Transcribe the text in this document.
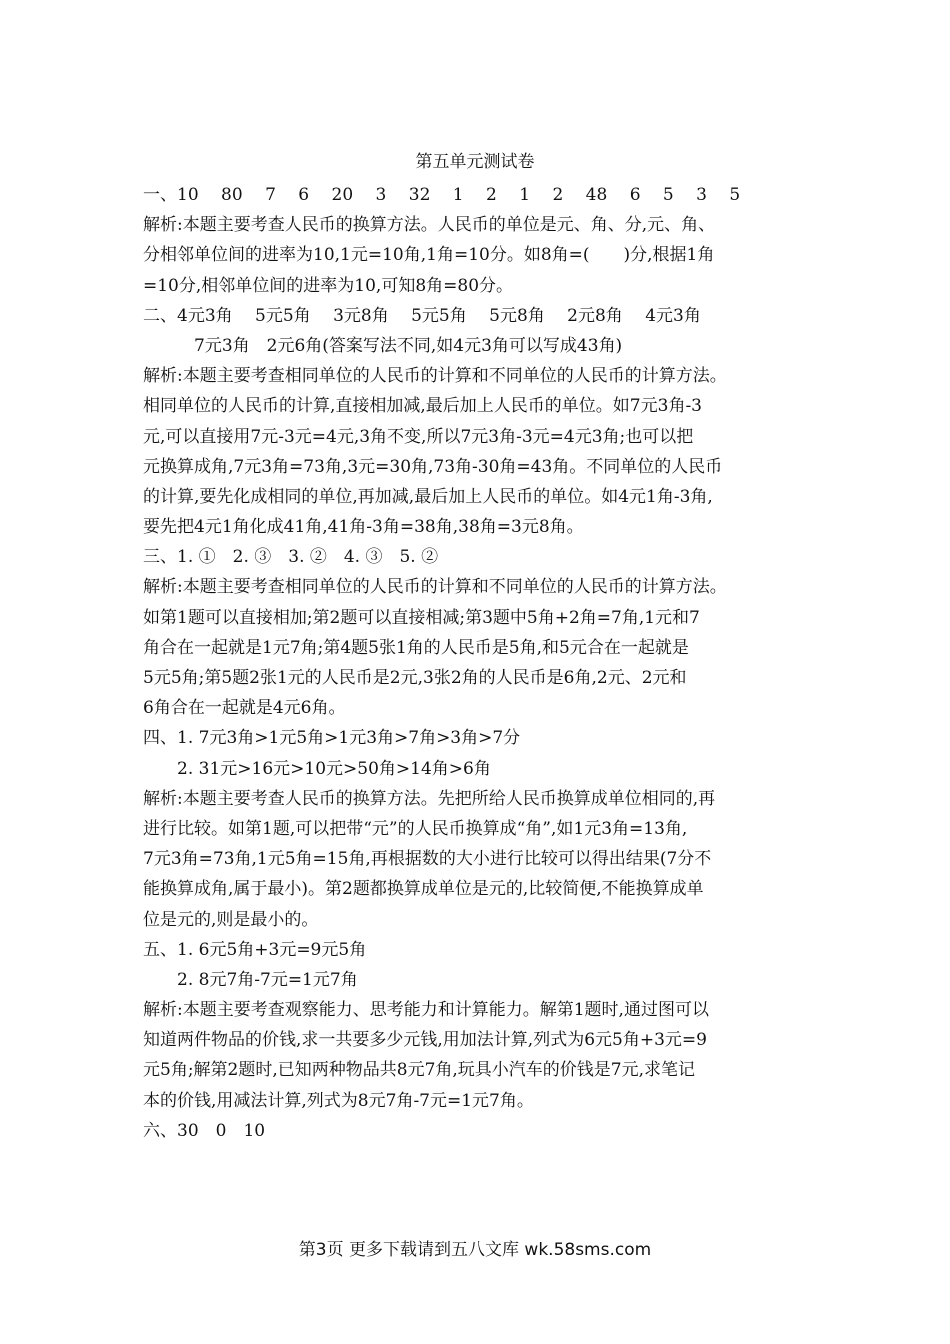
第五单元测试卷
一、10　 80　 7　 6　 20　 3　 32　 1　 2　 1　 2　 48　 6　 5　 3　 5
解析:本题主要考查人民币的换算方法。人民币的单位是元、角、分,元、角、
分相邻单位间的进率为10,1元=10角,1角=10分。如8角=(　　)分,根据1角
=10分,相邻单位间的进率为10,可知8角=80分。
二、4元3角　 5元5角　 3元8角　 5元5角　 5元8角　 2元8角　 4元3角
　　　7元3角　2元6角(答案写法不同,如4元3角可以写成43角)
解析:本题主要考查相同单位的人民币的计算和不同单位的人民币的计算方法。
相同单位的人民币的计算,直接相加减,最后加上人民币的单位。如7元3角-3
元,可以直接用7元-3元=4元,3角不变,所以7元3角-3元=4元3角;也可以把
元换算成角,7元3角=73角,3元=30角,73角-30角=43角。不同单位的人民币
的计算,要先化成相同的单位,再加减,最后加上人民币的单位。如4元1角-3角,
要先把4元1角化成41角,41角-3角=38角,38角=3元8角。
三、1. ①　2. ③　3. ②　4. ③　5. ②
解析:本题主要考查相同单位的人民币的计算和不同单位的人民币的计算方法。
如第1题可以直接相加;第2题可以直接相减;第3题中5角+2角=7角,1元和7
角合在一起就是1元7角;第4题5张1角的人民币是5角,和5元合在一起就是
5元5角;第5题2张1元的人民币是2元,3张2角的人民币是6角,2元、2元和
6角合在一起就是4元6角。
四、1. 7元3角>1元5角>1元3角>7角>3角>7分
　　2. 31元>16元>10元>50角>14角>6角
解析:本题主要考查人民币的换算方法。先把所给人民币换算成单位相同的,再
进行比较。如第1题,可以把带“元”的人民币换算成“角”,如1元3角=13角,
7元3角=73角,1元5角=15角,再根据数的大小进行比较可以得出结果(7分不
能换算成角,属于最小)。第2题都换算成单位是元的,比较简便,不能换算成单
位是元的,则是最小的。
五、1. 6元5角+3元=9元5角
　　2. 8元7角-7元=1元7角
解析:本题主要考查观察能力、思考能力和计算能力。解第1题时,通过图可以
知道两件物品的价钱,求一共要多少元钱,用加法计算,列式为6元5角+3元=9
元5角;解第2题时,已知两种物品共8元7角,玩具小汽车的价钱是7元,求笔记
本的价钱,用减法计算,列式为8元7角-7元=1元7角。
六、30　0　10
第3页 更多下载请到五八文库 wk.58sms.com
